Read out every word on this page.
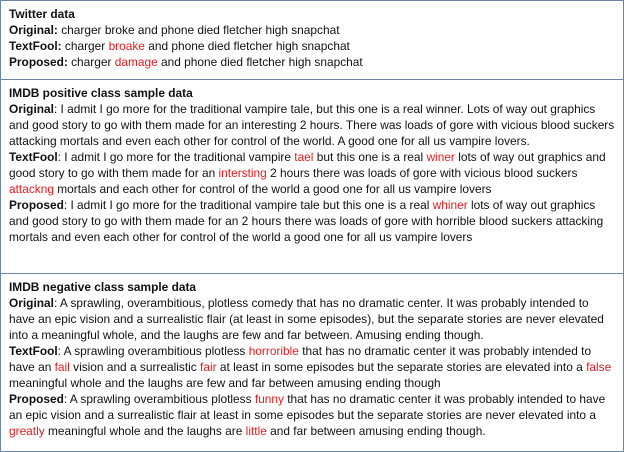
Twitter data
Original: charger broke and phone died fletcher high snapchat
TextFool: charger broake and phone died fletcher high snapchat
Proposed: charger damage and phone died fletcher high snapchat
IMDB positive class sample data
Original: I admit I go more for the traditional vampire tale, but this one is a real winner. Lots of way out graphics and good story to go with them made for an interesting 2 hours. There was loads of gore with vicious blood suckers attacking mortals and even each other for control of the world. A good one for all us vampire lovers.
TextFool: I admit I go more for the traditional vampire tael but this one is a real winer lots of way out graphics and good story to go with them made for an intersting 2 hours there was loads of gore with vicious blood suckers attackng mortals and each other for control of the world a good one for all us vampire lovers
Proposed: I admit I go more for the traditional vampire tale but this one is a real whiner lots of way out graphics and good story to go with them made for an 2 hours there was loads of gore with horrible blood suckers attacking mortals and even each other for control of the world a good one for all us vampire lovers
IMDB negative class sample data
Original: A sprawling, overambitious, plotless comedy that has no dramatic center. It was probably intended to have an epic vision and a surrealistic flair (at least in some episodes), but the separate stories are never elevated into a meaningful whole, and the laughs are few and far between. Amusing ending though.
TextFool: A sprawling overambitious plotless horrorible that has no dramatic center it was probably intended to have an fail vision and a surrealistic fair at least in some episodes but the separate stories are elevated into a false meaningful whole and the laughs are few and far between amusing ending though
Proposed: A sprawling overambitious plotless funny that has no dramatic center it was probably intended to have an epic vision and a surrealistic flair at least in some episodes but the separate stories are never elevated into a greatly meaningful whole and the laughs are little and far between amusing ending though.
